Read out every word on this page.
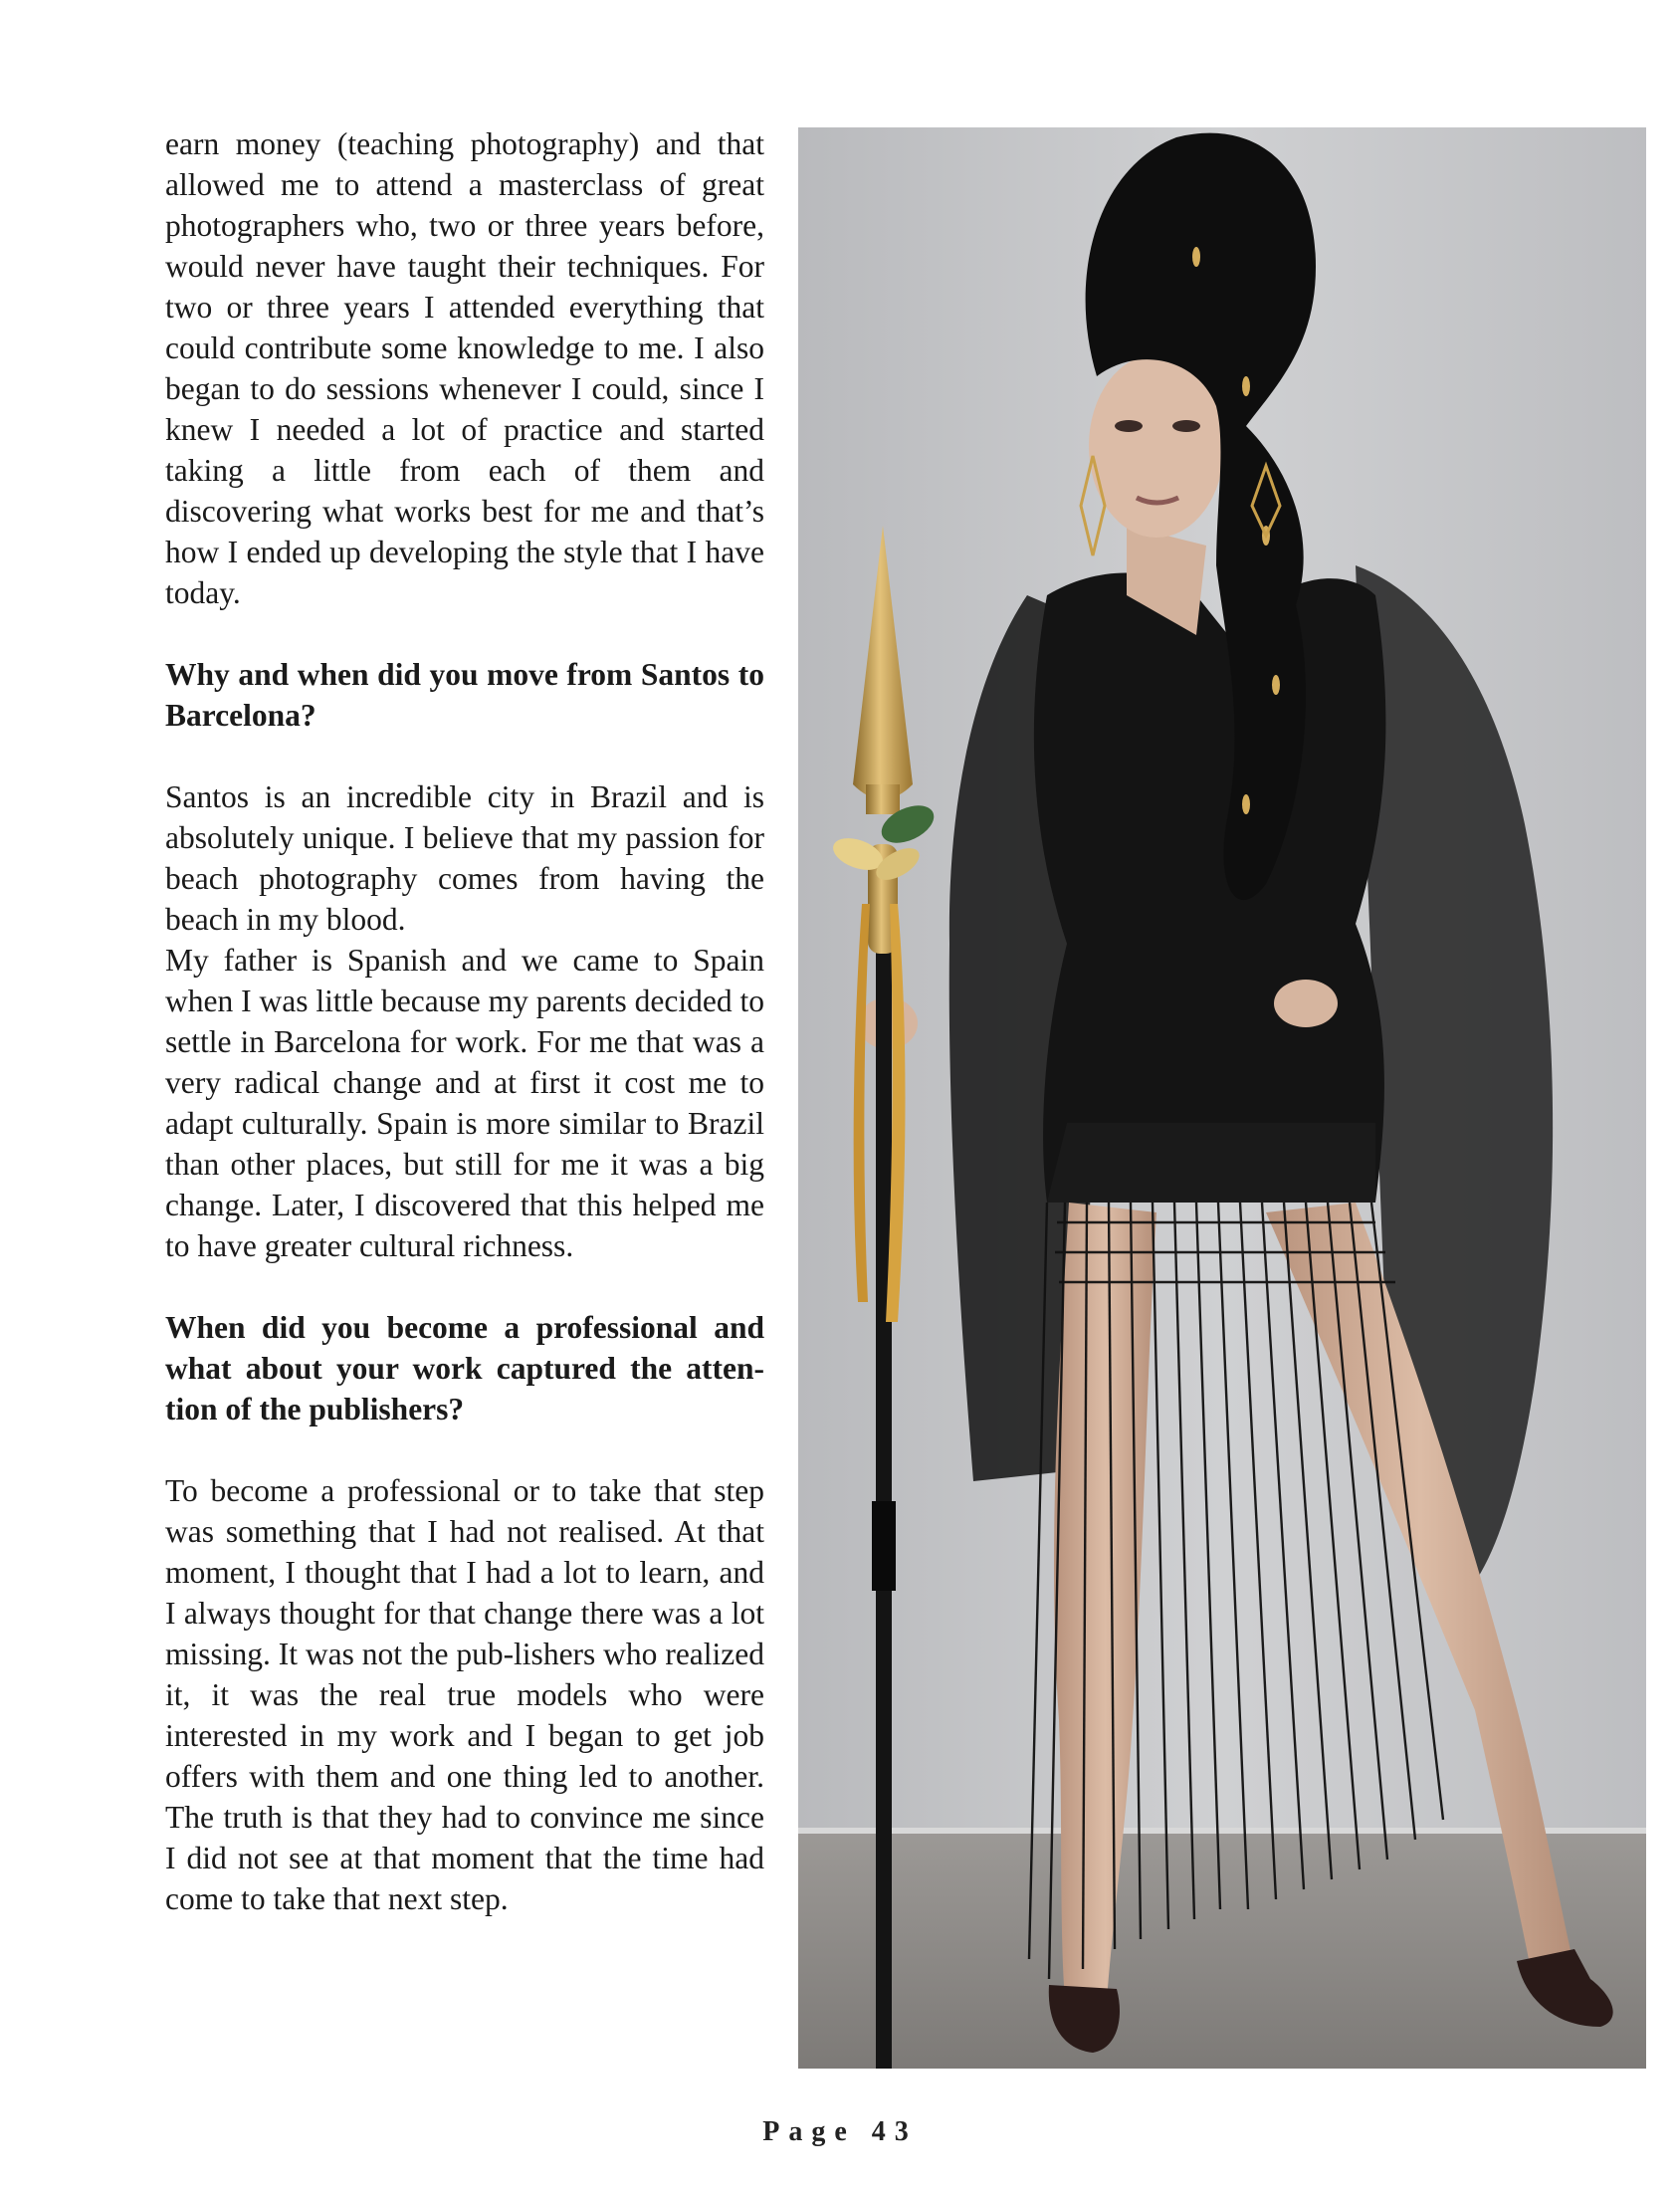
earn money (teaching photography) and that allowed me to attend a masterclass of great photographers who, two or three years before, would never have taught their techniques. For two or three years I attended everything that could contribute some knowledge to me. I also began to do sessions whenever I could, since I knew I needed a lot of practice and started taking a little from each of them and discovering what works best for me and that’s how I ended up developing the style that I have today.

Why and when did you move from Santos to Barcelona?

Santos is an incredible city in Brazil and is absolutely unique. I believe that my passion for beach photography comes from having the beach in my blood.

My father is Spanish and we came to Spain when I was little because my parents decided to settle in Barcelona for work. For me that was a very radical change and at first it cost me to adapt culturally. Spain is more similar to Brazil than other places, but still for me it was a big change. Later, I discovered that this helped me to have greater cultural richness.

When did you become a professional and what about your work captured the atten-tion of the publishers?

To become a professional or to take that step was something that I had not realised. At that moment, I thought that I had a lot to learn, and I always thought for that change there was a lot missing. It was not the pub-lishers who realized it, it was the real true models who were interested in my work and I began to get job offers with them and one thing led to another. The truth is that they had to convince me since I did not see at that moment that the time had come to take that next step.

Page 43
